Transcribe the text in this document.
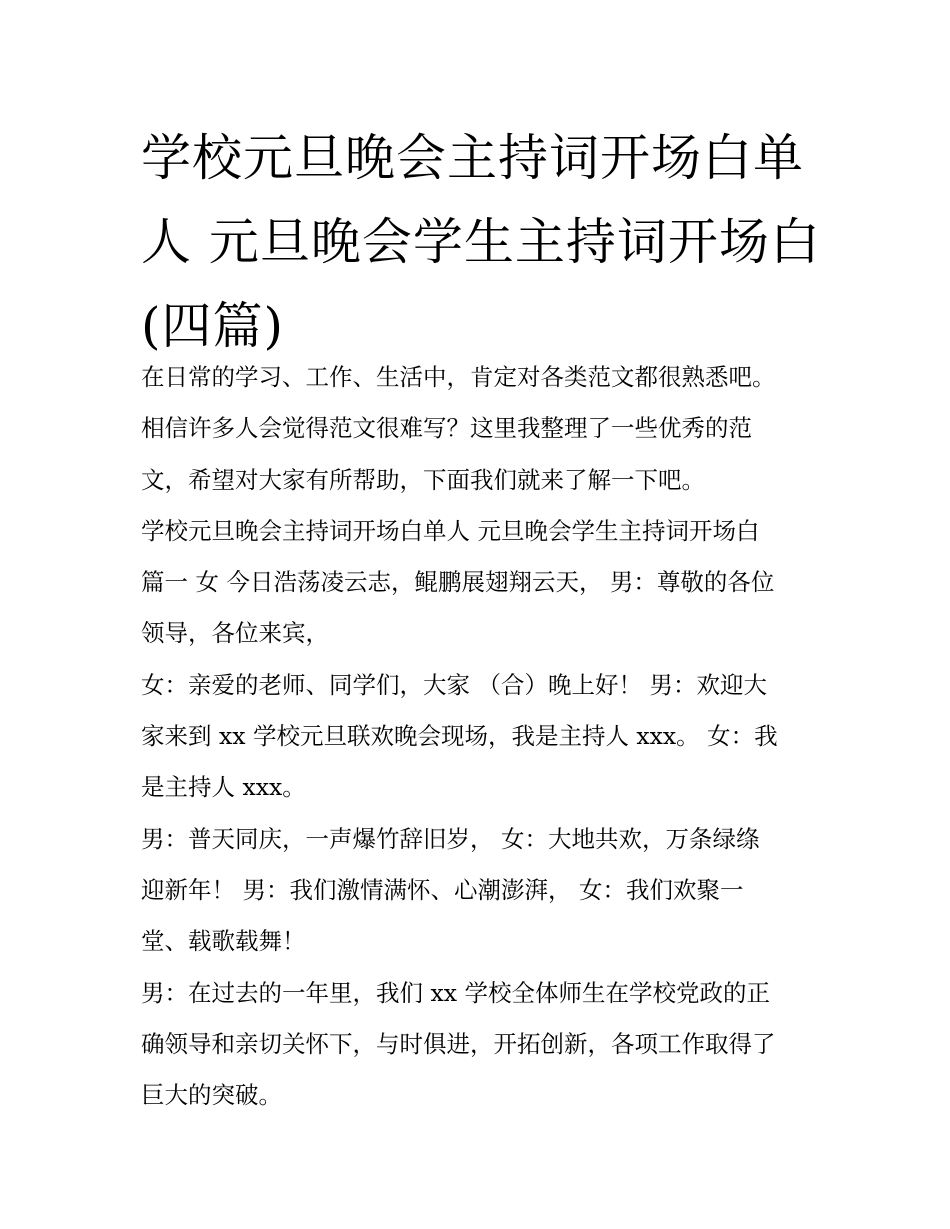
学校元旦晚会主持词开场白单
人 元旦晚会学生主持词开场白
(四篇)
在日常的学习、工作、生活中，肯定对各类范文都很熟悉吧。
相信许多人会觉得范文很难写？这里我整理了一些优秀的范
文，希望对大家有所帮助，下面我们就来了解一下吧。
学校元旦晚会主持词开场白单人 元旦晚会学生主持词开场白
篇一 女 今日浩荡凌云志，鲲鹏展翅翔云天， 男：尊敬的各位
领导，各位来宾，
女：亲爱的老师、同学们，大家 （合）晚上好！ 男：欢迎大
家来到 xx 学校元旦联欢晚会现场，我是主持人 xxx。 女：我
是主持人 xxx。
男：普天同庆，一声爆竹辞旧岁， 女：大地共欢，万条绿绦
迎新年！ 男：我们激情满怀、心潮澎湃， 女：我们欢聚一
堂、载歌载舞！
男：在过去的一年里，我们 xx 学校全体师生在学校党政的正
确领导和亲切关怀下，与时俱进，开拓创新，各项工作取得了
巨大的突破。
